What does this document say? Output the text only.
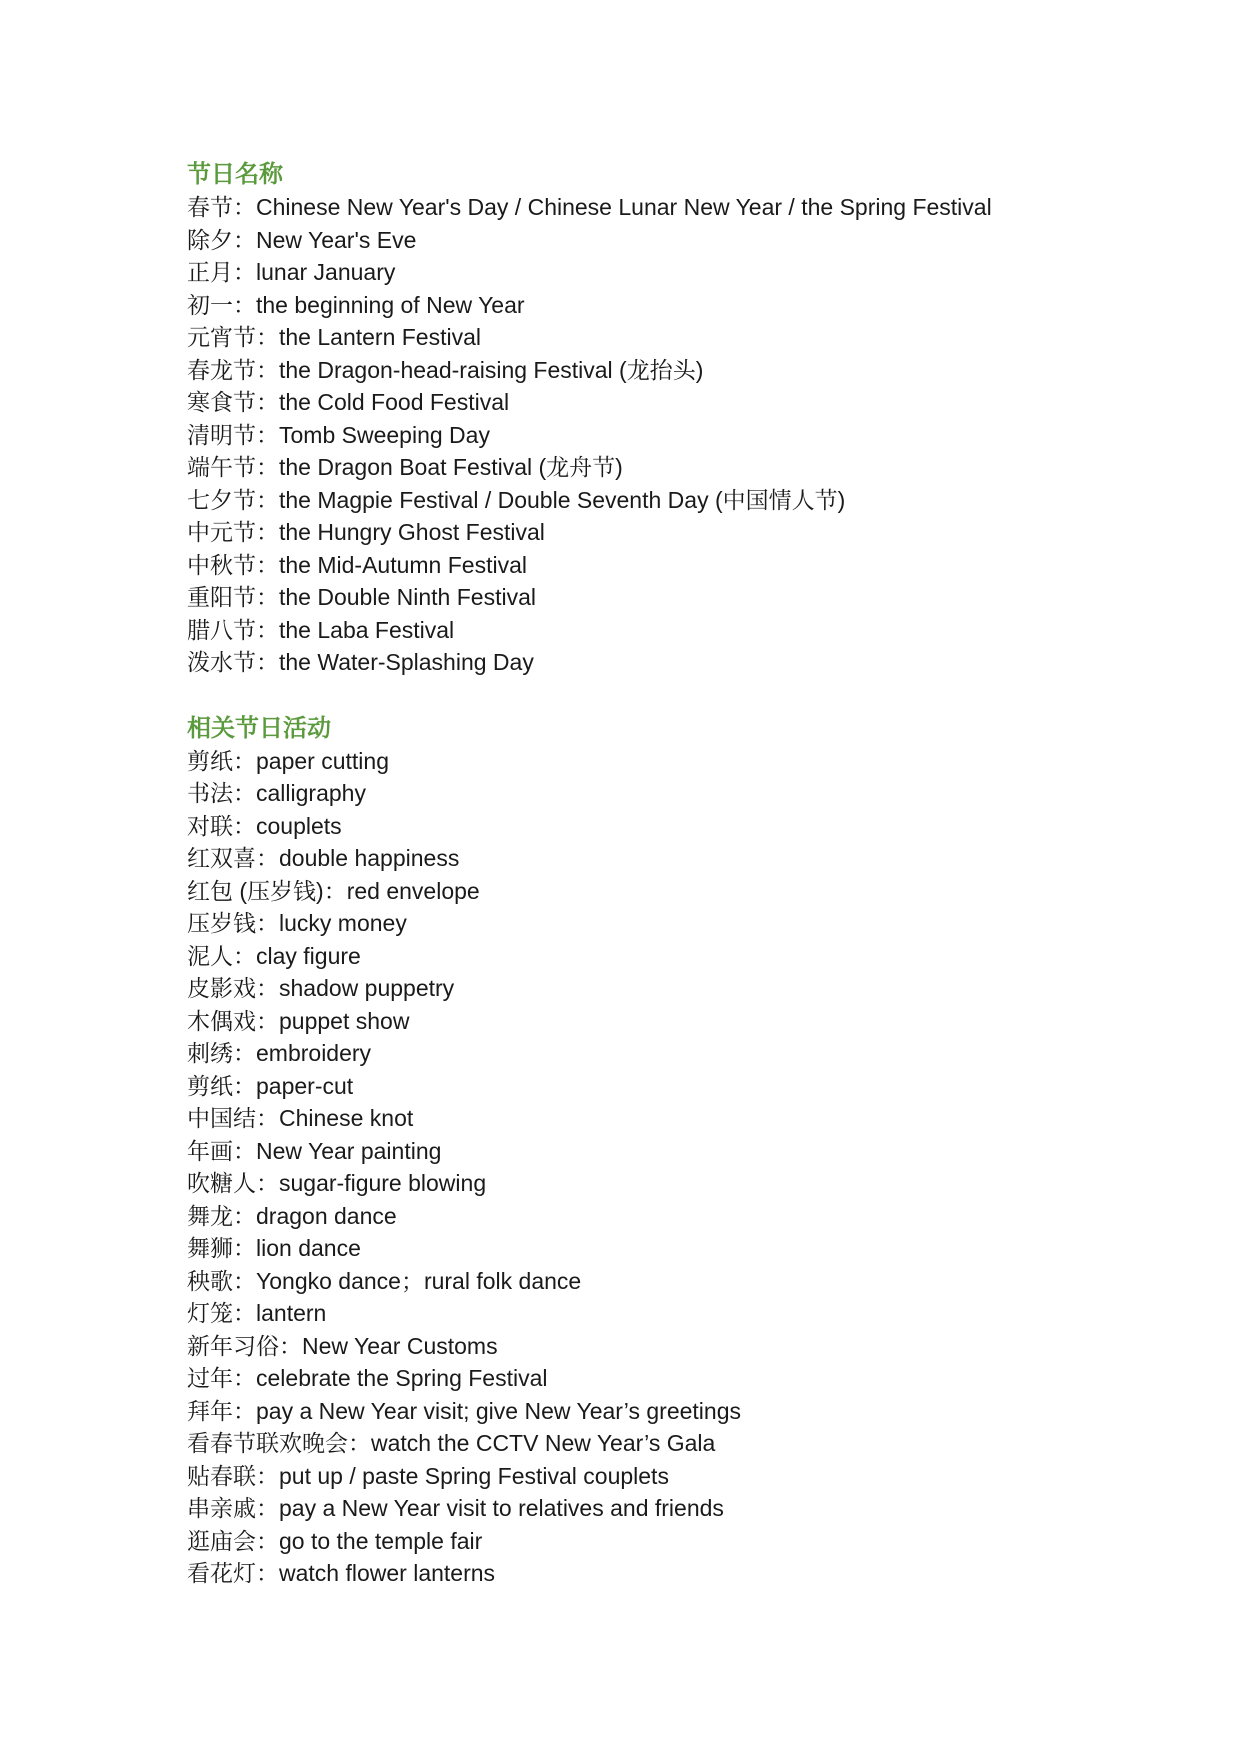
节日名称
春节：Chinese New Year's Day / Chinese Lunar New Year / the Spring Festival
除夕：New Year's Eve
正月：lunar January
初一：the beginning of New Year
元宵节：the Lantern Festival
春龙节：the Dragon-head-raising Festival (龙抬头)
寒食节：the Cold Food Festival
清明节：Tomb Sweeping Day
端午节：the Dragon Boat Festival (龙舟节)
七夕节：the Magpie Festival / Double Seventh Day (中国情人节)
中元节：the Hungry Ghost Festival
中秋节：the Mid-Autumn Festival
重阳节：the Double Ninth Festival
腊八节：the Laba Festival
泼水节：the Water-Splashing Day
相关节日活动
剪纸：paper cutting
书法：calligraphy
对联：couplets
红双喜：double happiness
红包 (压岁钱)：red envelope
压岁钱：lucky money
泥人：clay figure
皮影戏：shadow puppetry
木偶戏：puppet show
刺绣：embroidery
剪纸：paper-cut
中国结：Chinese knot
年画：New Year painting
吹糖人：sugar-figure blowing
舞龙：dragon dance
舞狮：lion dance
秧歌：Yongko dance；rural folk dance
灯笼：lantern
新年习俗：New Year Customs
过年：celebrate the Spring Festival
拜年：pay a New Year visit; give New Year’s greetings
看春节联欢晚会：watch the CCTV New Year’s Gala
贴春联：put up / paste Spring Festival couplets
串亲戚：pay a New Year visit to relatives and friends
逛庙会：go to the temple fair
看花灯：watch flower lanterns
